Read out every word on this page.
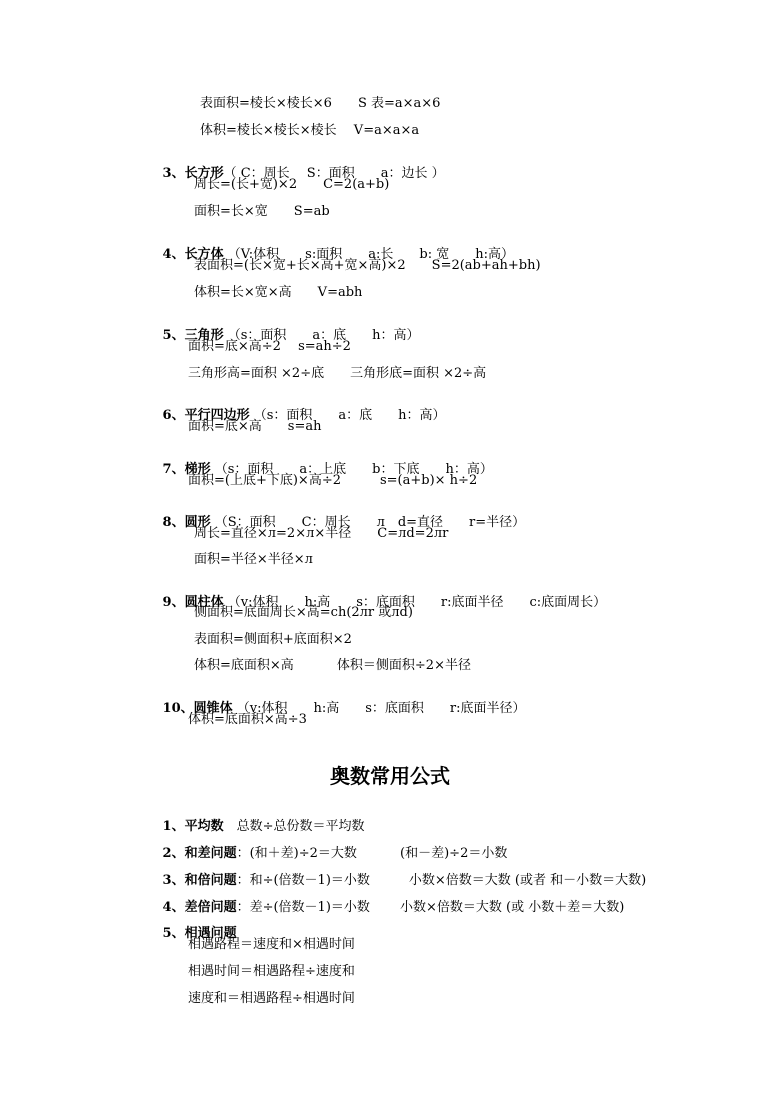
表面积=棱长×棱长×6　　S 表=a×a×6
体积=棱长×棱长×棱长　 V=a×a×a

3、长方形（ C：周长　 S：面积　　a：边长 ）

周长=(长+宽)×2　　C=2(a+b)
面积=长×宽　　S=ab

4、长方体 （V:体积　　s:面积　　a:长　　b: 宽　　h:高）

表面积=(长×宽+长×高+宽×高)×2　　S=2(ab+ah+bh)
体积=长×宽×高　　V=abh

5、三角形 （s：面积　　a：底　　h：高）

面积=底×高÷2　 s=ah÷2
三角形高=面积 ×2÷底　　三角形底=面积 ×2÷高

6、平行四边形 （s：面积　　a：底　　h：高）

面积=底×高　　s=ah

7、梯形 （s：面积　　a：上底　　b：下底　　h：高）

面积=(上底+下底)×高÷2　　　s=(a+b)× h÷2

8、圆形 （S：面积　　C：周长　　л　d=直径　　r=半径）

周长=直径×л=2×л×半径　　C=лd=2лr
面积=半径×半径×л

9、圆柱体 （v:体积　　h:高　　s：底面积　　r:底面半径　　c:底面周长）

侧面积=底面周长×高=ch(2лr 或лd)
表面积=侧面积+底面积×2
体积=底面积×高　　　 体积＝侧面积÷2×半径

10、圆锥体 （v:体积　　h:高　　s：底面积　　r:底面半径）

体积=底面积×高÷3
奥数常用公式

1、平均数　总数÷总份数＝平均数

2、和差问题：(和＋差)÷2＝大数　　　 (和－差)÷2＝小数

3、和倍问题：和÷(倍数－1)＝小数　　　小数×倍数＝大数 (或者 和－小数＝大数)

4、差倍问题：差÷(倍数－1)＝小数　　 小数×倍数＝大数 (或 小数＋差＝大数)

5、相遇问题

相遇路程＝速度和×相遇时间
相遇时间＝相遇路程÷速度和
速度和＝相遇路程÷相遇时间
